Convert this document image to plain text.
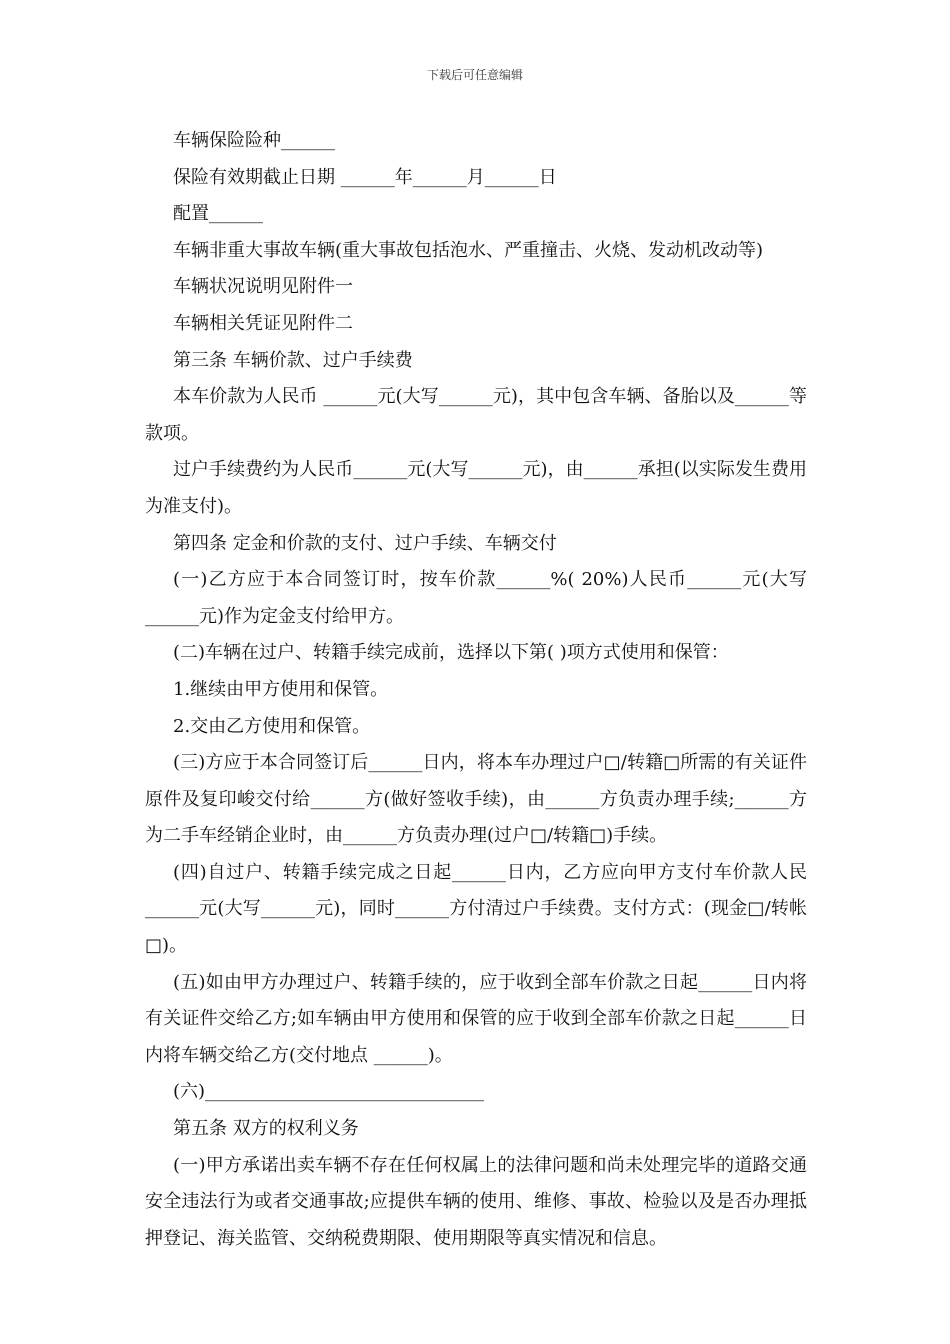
下载后可任意编辑

车辆保险险种______

保险有效期截止日期 ______年______月______日

配置______

车辆非重大事故车辆(重大事故包括泡水、严重撞击、火烧、发动机改动等)

车辆状况说明见附件一

车辆相关凭证见附件二

第三条 车辆价款、过户手续费

本车价款为人民币 ______元(大写______元)，其中包含车辆、备胎以及______等款项。

过户手续费约为人民币______元(大写______元)，由______承担(以实际发生费用为准支付)。

第四条 定金和价款的支付、过户手续、车辆交付

(一)乙方应于本合同签订时，按车价款______%( 20%)人民币______元(大写______元)作为定金支付给甲方。

(二)车辆在过户、转籍手续完成前，选择以下第( )项方式使用和保管：

1.继续由甲方使用和保管。

2.交由乙方使用和保管。

(三)方应于本合同签订后______日内，将本车办理过户□/转籍□所需的有关证件原件及复印峻交付给______方(做好签收手续)，由______方负责办理手续;______方为二手车经销企业时，由______方负责办理(过户□/转籍□)手续。

(四)自过户、转籍手续完成之日起______日内，乙方应向甲方支付车价款人民______元(大写______元)，同时______方付清过户手续费。支付方式：(现金□/转帐□)。

(五)如由甲方办理过户、转籍手续的，应于收到全部车价款之日起______日内将有关证件交给乙方;如车辆由甲方使用和保管的应于收到全部车价款之日起______日内将车辆交给乙方(交付地点 ______)。

(六)_______________________________

第五条 双方的权利义务

(一)甲方承诺出卖车辆不存在任何权属上的法律问题和尚未处理完毕的道路交通安全违法行为或者交通事故;应提供车辆的使用、维修、事故、检验以及是否办理抵押登记、海关监管、交纳税费期限、使用期限等真实情况和信息。
